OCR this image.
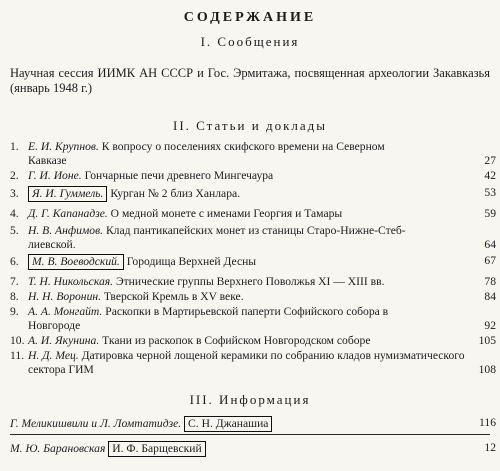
СОДЕРЖАНИЕ
I. Сообщения
Научная сессия ИИМК АН СССР и Гос. Эрмитажа, посвященная археологии Закавказья (январь 1948 г.)
II. Статьи и доклады
1. Е. И. Крупнов. К вопросу о поселениях скифского времени на Северном
Кавказе	27
2. Г. И. Ионе. Гончарные печи древнего Мингечаура	42
3. Я. И. Гуммель. Курган № 2 близ Ханлара.	53
4. Д. Г. Капанадзе. О медной монете с именами Георгия и Тамары	59
5. Н. В. Анфимов. Клад пантикапейских монет из станицы Старо-Нижне-Стеб-
лиевской.	64
6. М. В. Воеводский. Городища Верхней Десны	67
7. Т. Н. Никольская. Этнические группы Верхнего Поволжья XI — XIII вв.	78
8. Н. Н. Воронин. Тверской Кремль в XV веке.	84
9. А. А. Монгайт. Раскопки в Мартирьевской паперти Софийского собора в
Новгороде	92
10. А. И. Якунина. Ткани из раскопок в Софийском Новгородском соборе	105
11. Н. Д. Мец. Датировка черной лощеной керамики по собранию кладов нумизматического сектора ГИМ	108
III. Информация
Г. Меликишвили и Л. Ломтатидзе. С. Н. Джанашиа	116
М. Ю. Барановская И. Ф. Барщевский	12
